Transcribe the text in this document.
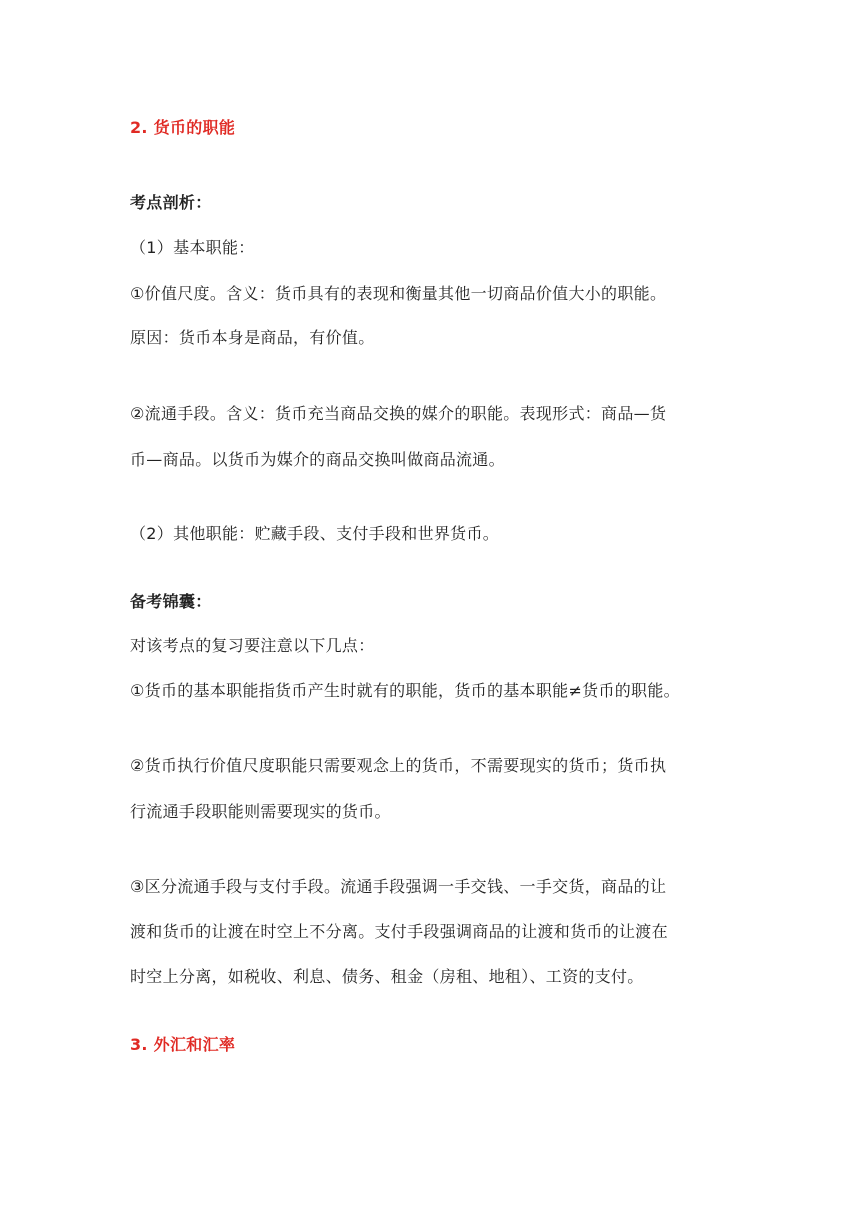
2. 货币的职能
考点剖析：
（1）基本职能：
①价值尺度。含义：货币具有的表现和衡量其他一切商品价值大小的职能。
原因：货币本身是商品，有价值。
②流通手段。含义：货币充当商品交换的媒介的职能。表现形式：商品—货
币—商品。以货币为媒介的商品交换叫做商品流通。
（2）其他职能：贮藏手段、支付手段和世界货币。
备考锦囊：
对该考点的复习要注意以下几点：
①货币的基本职能指货币产生时就有的职能，货币的基本职能≠货币的职能。
②货币执行价值尺度职能只需要观念上的货币，不需要现实的货币；货币执
行流通手段职能则需要现实的货币。
③区分流通手段与支付手段。流通手段强调一手交钱、一手交货，商品的让
渡和货币的让渡在时空上不分离。支付手段强调商品的让渡和货币的让渡在
时空上分离，如税收、利息、债务、租金（房租、地租）、工资的支付。
3. 外汇和汇率
